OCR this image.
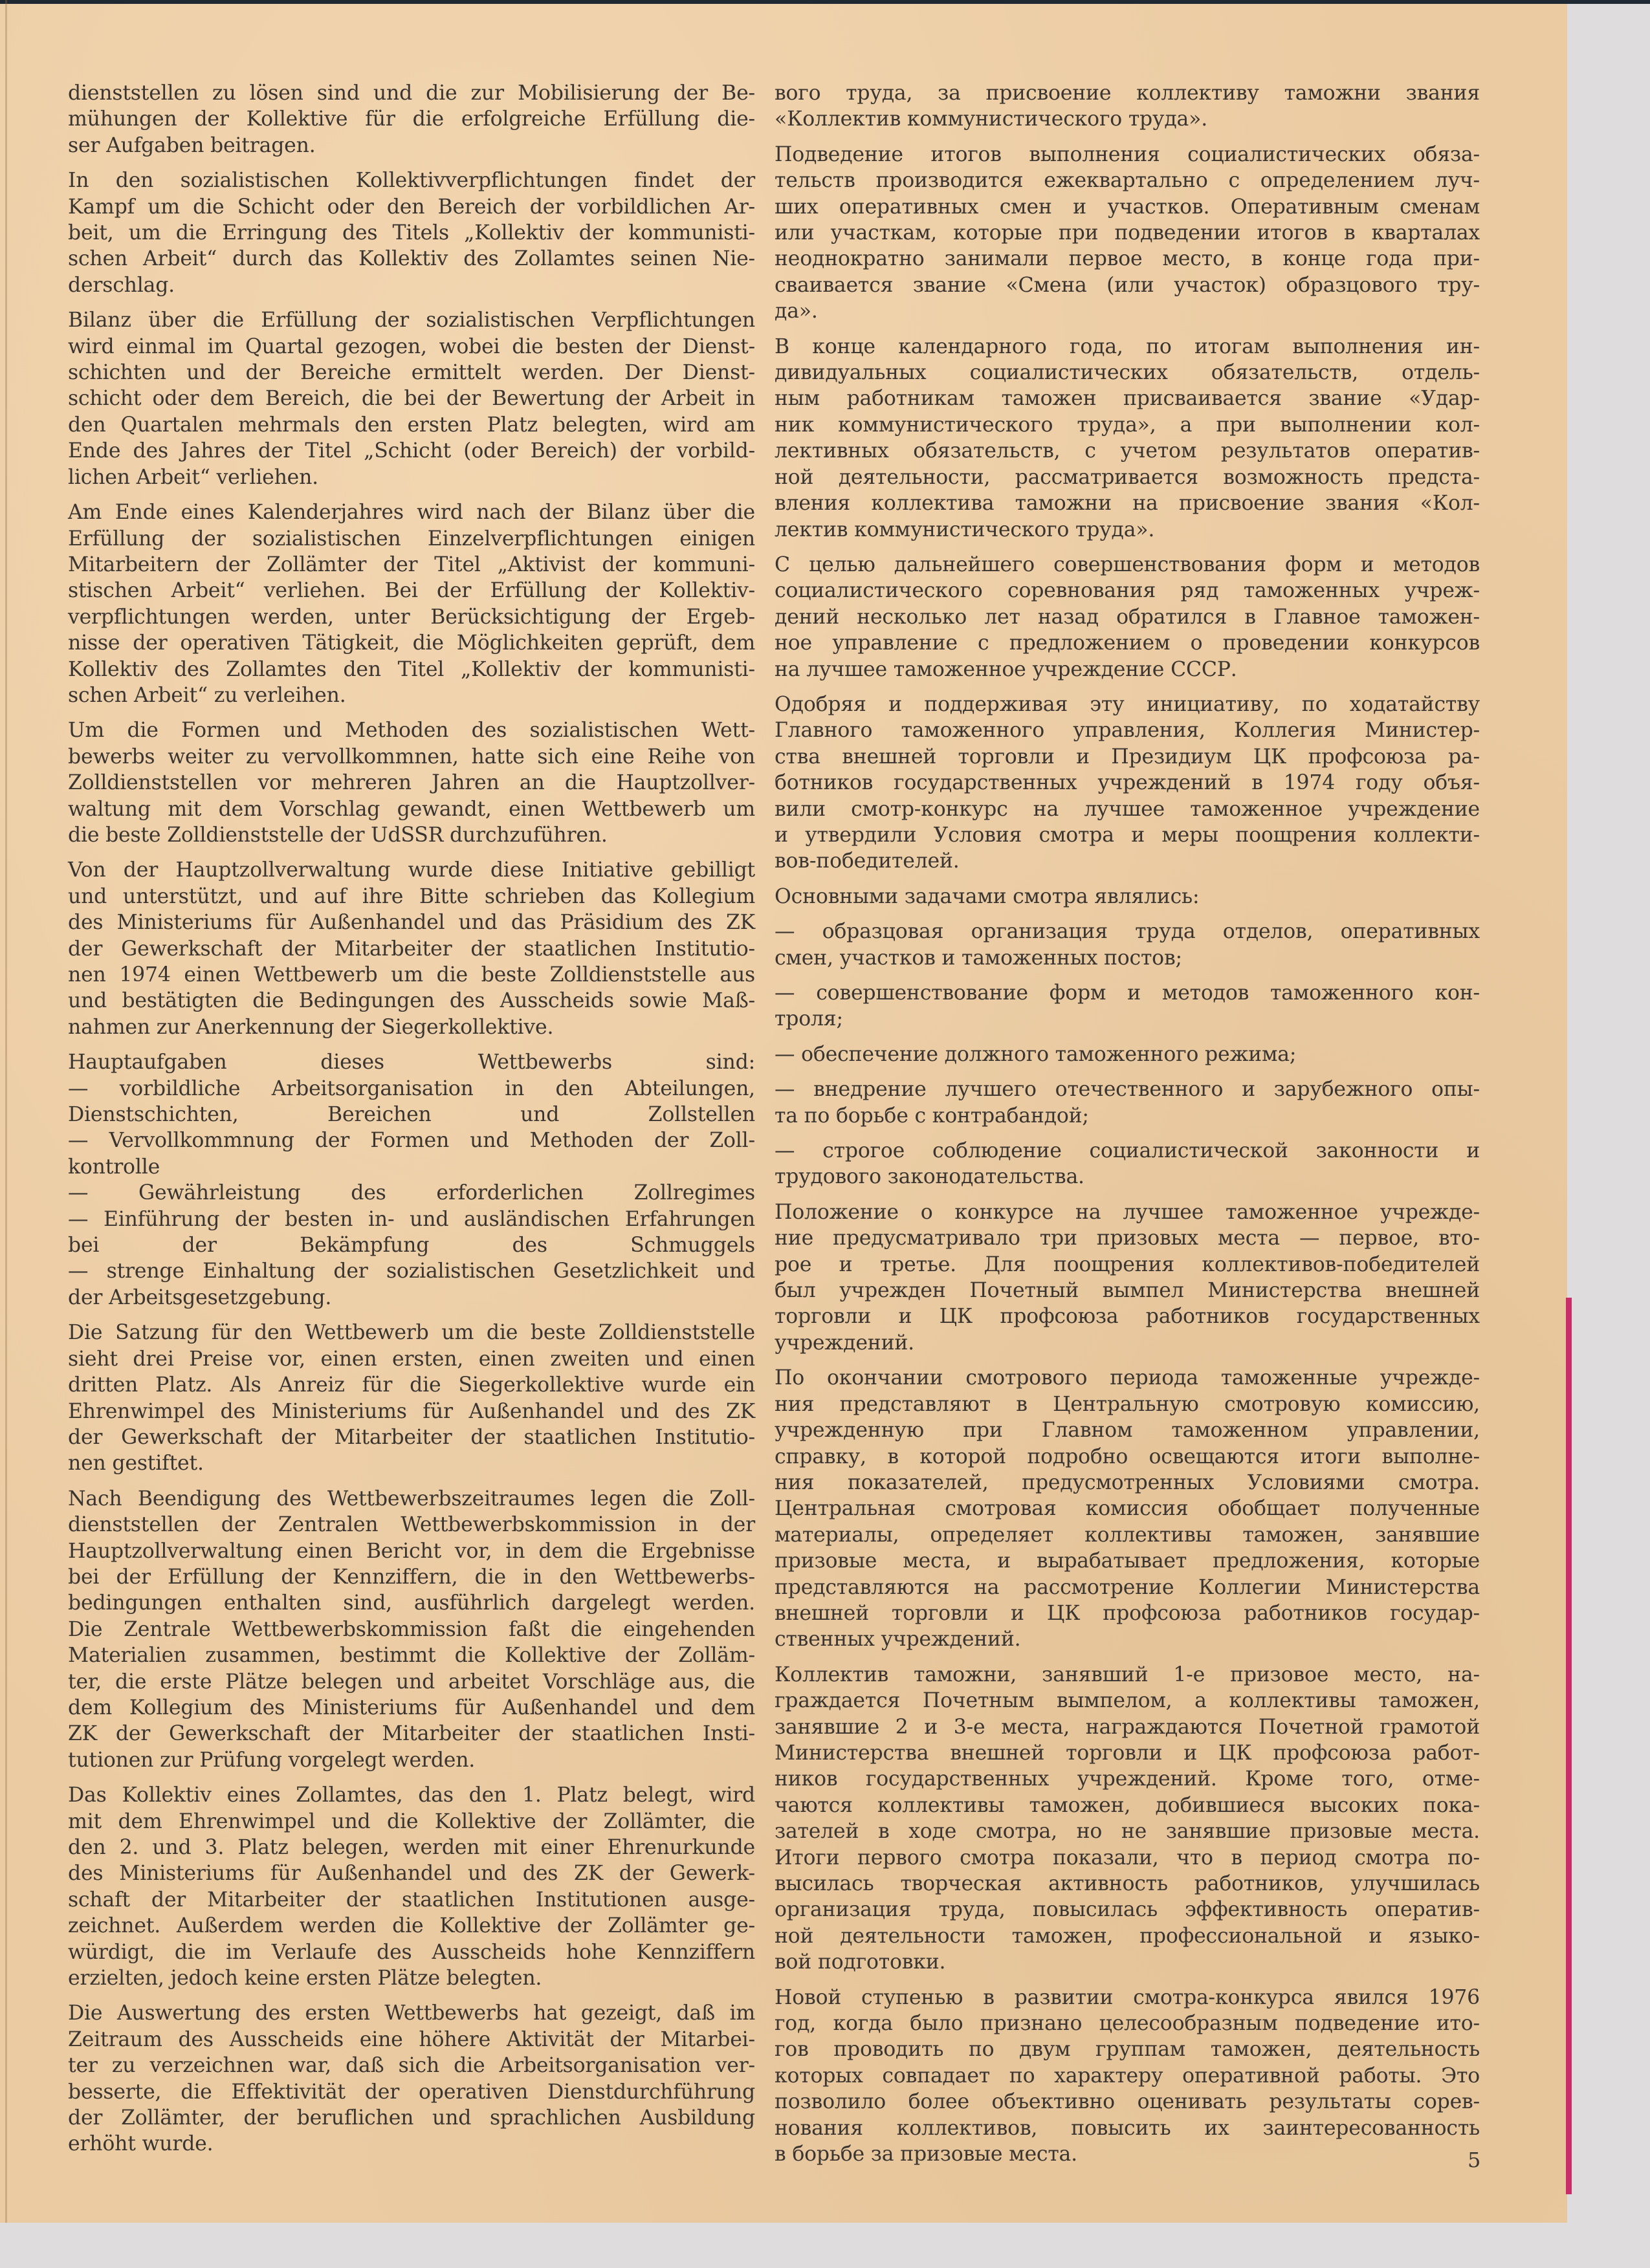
dienststellen zu lösen sind und die zur Mobilisierung der Be-
mühungen der Kollektive für die erfolgreiche Erfüllung die-
ser Aufgaben beitragen.
In den sozialistischen Kollektivverpflichtungen findet der
Kampf um die Schicht oder den Bereich der vorbildlichen Ar-
beit, um die Erringung des Titels „Kollektiv der kommunisti-
schen Arbeit“ durch das Kollektiv des Zollamtes seinen Nie-
derschlag.
Bilanz über die Erfüllung der sozialistischen Verpflichtungen
wird einmal im Quartal gezogen, wobei die besten der Dienst-
schichten und der Bereiche ermittelt werden. Der Dienst-
schicht oder dem Bereich, die bei der Bewertung der Arbeit in
den Quartalen mehrmals den ersten Platz belegten, wird am
Ende des Jahres der Titel „Schicht (oder Bereich) der vorbild-
lichen Arbeit“ verliehen.
Am Ende eines Kalenderjahres wird nach der Bilanz über die
Erfüllung der sozialistischen Einzelverpflichtungen einigen
Mitarbeitern der Zollämter der Titel „Aktivist der kommuni-
stischen Arbeit“ verliehen. Bei der Erfüllung der Kollektiv-
verpflichtungen werden, unter Berücksichtigung der Ergeb-
nisse der operativen Tätigkeit, die Möglichkeiten geprüft, dem
Kollektiv des Zollamtes den Titel „Kollektiv der kommunisti-
schen Arbeit“ zu verleihen.
Um die Formen und Methoden des sozialistischen Wett-
bewerbs weiter zu vervollkommnen, hatte sich eine Reihe von
Zolldienststellen vor mehreren Jahren an die Hauptzollver-
waltung mit dem Vorschlag gewandt, einen Wettbewerb um
die beste Zolldienststelle der UdSSR durchzuführen.
Von der Hauptzollverwaltung wurde diese Initiative gebilligt
und unterstützt, und auf ihre Bitte schrieben das Kollegium
des Ministeriums für Außenhandel und das Präsidium des ZK
der Gewerkschaft der Mitarbeiter der staatlichen Institutio-
nen 1974 einen Wettbewerb um die beste Zolldienststelle aus
und bestätigten die Bedingungen des Ausscheids sowie Maß-
nahmen zur Anerkennung der Siegerkollektive.
Hauptaufgaben dieses Wettbewerbs sind:
— vorbildliche Arbeitsorganisation in den Abteilungen,
Dienstschichten, Bereichen und Zollstellen
— Vervollkommnung der Formen und Methoden der Zoll-
kontrolle
— Gewährleistung des erforderlichen Zollregimes
— Einführung der besten in- und ausländischen Erfahrungen
bei der Bekämpfung des Schmuggels
— strenge Einhaltung der sozialistischen Gesetzlichkeit und
der Arbeitsgesetzgebung.
Die Satzung für den Wettbewerb um die beste Zolldienststelle
sieht drei Preise vor, einen ersten, einen zweiten und einen
dritten Platz. Als Anreiz für die Siegerkollektive wurde ein
Ehrenwimpel des Ministeriums für Außenhandel und des ZK
der Gewerkschaft der Mitarbeiter der staatlichen Institutio-
nen gestiftet.
Nach Beendigung des Wettbewerbszeitraumes legen die Zoll-
dienststellen der Zentralen Wettbewerbskommission in der
Hauptzollverwaltung einen Bericht vor, in dem die Ergebnisse
bei der Erfüllung der Kennziffern, die in den Wettbewerbs-
bedingungen enthalten sind, ausführlich dargelegt werden.
Die Zentrale Wettbewerbskommission faßt die eingehenden
Materialien zusammen, bestimmt die Kollektive der Zolläm-
ter, die erste Plätze belegen und arbeitet Vorschläge aus, die
dem Kollegium des Ministeriums für Außenhandel und dem
ZK der Gewerkschaft der Mitarbeiter der staatlichen Insti-
tutionen zur Prüfung vorgelegt werden.
Das Kollektiv eines Zollamtes, das den 1. Platz belegt, wird
mit dem Ehrenwimpel und die Kollektive der Zollämter, die
den 2. und 3. Platz belegen, werden mit einer Ehrenurkunde
des Ministeriums für Außenhandel und des ZK der Gewerk-
schaft der Mitarbeiter der staatlichen Institutionen ausge-
zeichnet. Außerdem werden die Kollektive der Zollämter ge-
würdigt, die im Verlaufe des Ausscheids hohe Kennziffern
erzielten, jedoch keine ersten Plätze belegten.
Die Auswertung des ersten Wettbewerbs hat gezeigt, daß im
Zeitraum des Ausscheids eine höhere Aktivität der Mitarbei-
ter zu verzeichnen war, daß sich die Arbeitsorganisation ver-
besserte, die Effektivität der operativen Dienstdurchführung
der Zollämter, der beruflichen und sprachlichen Ausbildung
erhöht wurde.
вого труда, за присвоение коллективу таможни звания
«Коллектив коммунистического труда».
Подведение итогов выполнения социалистических обяза-
тельств производится ежеквартально с определением луч-
ших оперативных смен и участков. Оперативным сменам
или участкам, которые при подведении итогов в кварталах
неоднократно занимали первое место, в конце года при-
сваивается звание «Смена (или участок) образцового тру-
да».
В конце календарного года, по итогам выполнения ин-
дивидуальных социалистических обязательств, отдель-
ным работникам таможен присваивается звание «Удар-
ник коммунистического труда», а при выполнении кол-
лективных обязательств, с учетом результатов оператив-
ной деятельности, рассматривается возможность предста-
вления коллектива таможни на присвоение звания «Кол-
лектив коммунистического труда».
С целью дальнейшего совершенствования форм и методов
социалистического соревнования ряд таможенных учреж-
дений несколько лет назад обратился в Главное таможен-
ное управление с предложением о проведении конкурсов
на лучшее таможенное учреждение СССР.
Одобряя и поддерживая эту инициативу, по ходатайству
Главного таможенного управления, Коллегия Министер-
ства внешней торговли и Президиум ЦК профсоюза ра-
ботников государственных учреждений в 1974 году объя-
вили смотр-конкурс на лучшее таможенное учреждение
и утвердили Условия смотра и меры поощрения коллекти-
вов-победителей.
Основными задачами смотра являлись:
— образцовая организация труда отделов, оперативных
смен, участков и таможенных постов;
— совершенствование форм и методов таможенного кон-
троля;
— обеспечение должного таможенного режима;
— внедрение лучшего отечественного и зарубежного опы-
та по борьбе с контрабандой;
— строгое соблюдение социалистической законности и
трудового законодательства.
Положение о конкурсе на лучшее таможенное учрежде-
ние предусматривало три призовых места — первое, вто-
рое и третье. Для поощрения коллективов-победителей
был учрежден Почетный вымпел Министерства внешней
торговли и ЦК профсоюза работников государственных
учреждений.
По окончании смотрового периода таможенные учрежде-
ния представляют в Центральную смотровую комиссию,
учрежденную при Главном таможенном управлении,
справку, в которой подробно освещаются итоги выполне-
ния показателей, предусмотренных Условиями смотра.
Центральная смотровая комиссия обобщает полученные
материалы, определяет коллективы таможен, занявшие
призовые места, и вырабатывает предложения, которые
представляются на рассмотрение Коллегии Министерства
внешней торговли и ЦК профсоюза работников государ-
ственных учреждений.
Коллектив таможни, занявший 1-е призовое место, на-
граждается Почетным вымпелом, а коллективы таможен,
занявшие 2 и 3-е места, награждаются Почетной грамотой
Министерства внешней торговли и ЦК профсоюза работ-
ников государственных учреждений. Кроме того, отме-
чаются коллективы таможен, добившиеся высоких пока-
зателей в ходе смотра, но не занявшие призовые места.
Итоги первого смотра показали, что в период смотра по-
высилась творческая активность работников, улучшилась
организация труда, повысилась эффективность оператив-
ной деятельности таможен, профессиональной и языко-
вой подготовки.
Новой ступенью в развитии смотра-конкурса явился 1976
год, когда было признано целесообразным подведение ито-
гов проводить по двум группам таможен, деятельность
которых совпадает по характеру оперативной работы. Это
позволило более объективно оценивать результаты сорев-
нования коллективов, повысить их заинтересованность
в борьбе за призовые места.	5
